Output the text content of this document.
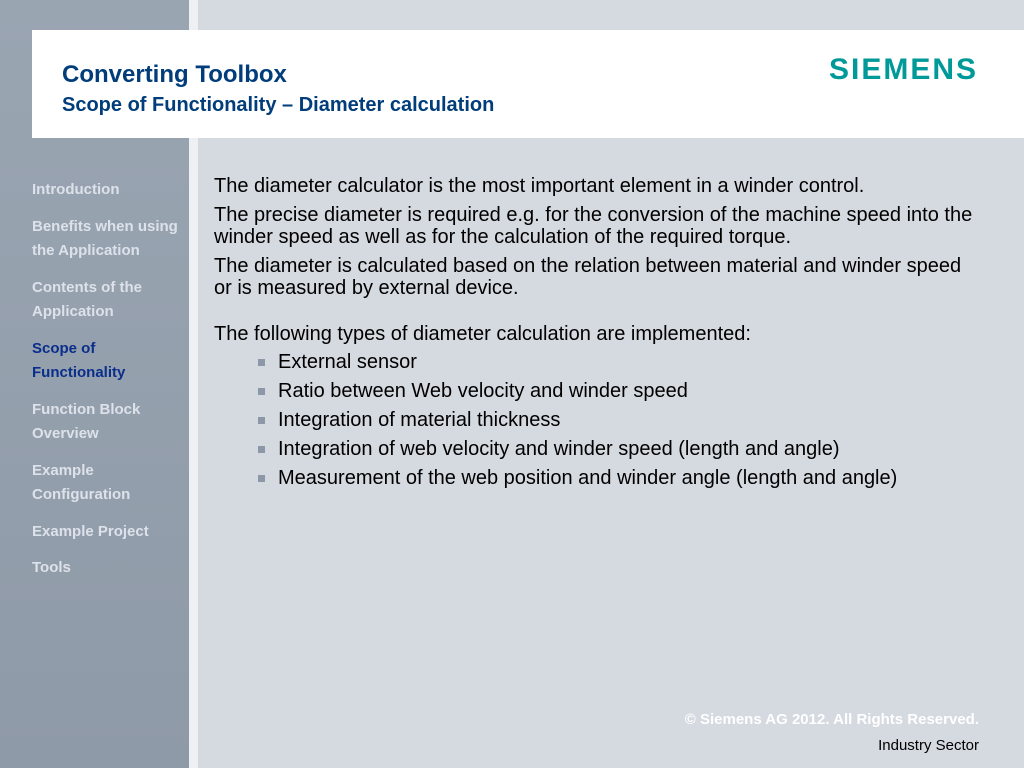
Converting Toolbox
Scope of Functionality – Diameter calculation
SIEMENS
Introduction
Benefits when using the Application
Contents of the Application
Scope of Functionality
Function Block Overview
Example Configuration
Example Project
Tools

The diameter calculator is the most important element in a winder control.

The precise diameter is required e.g. for the conversion of the machine speed into the winder speed as well as for the calculation of the required torque.

The diameter is calculated based on the relation between material and winder speed or is measured by external device.

The following types of diameter calculation are implemented:

External sensor
Ratio between Web velocity and winder speed
Integration of material thickness
Integration of web velocity and winder speed (length and angle)
Measurement of the web position and winder angle (length and angle)
© Siemens AG 2012. All Rights Reserved.
Industry Sector
